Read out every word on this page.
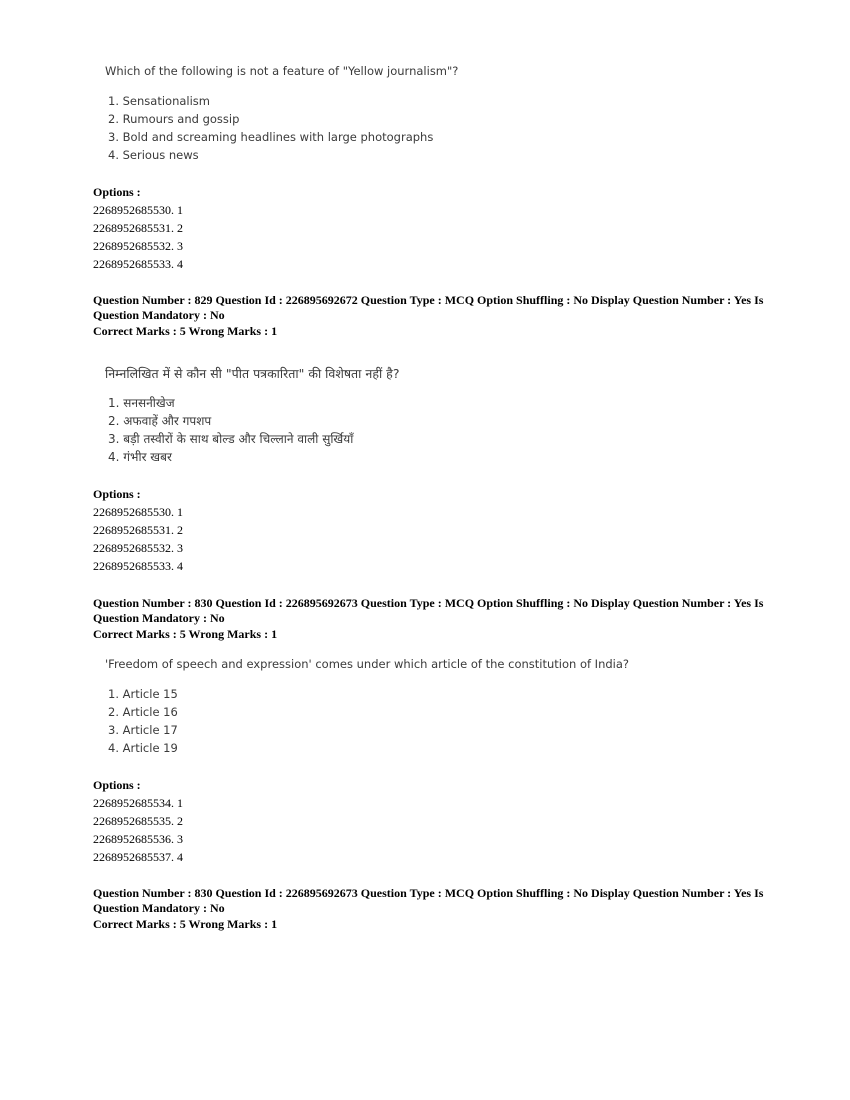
Which of the following is not a feature of "Yellow journalism"?
1. Sensationalism
2. Rumours and gossip
3. Bold and screaming headlines with large photographs
4. Serious news
Options :
2268952685530. 1
2268952685531. 2
2268952685532. 3
2268952685533. 4
Question Number : 829 Question Id : 226895692672 Question Type : MCQ Option Shuffling : No Display Question Number : Yes Is
Question Mandatory : No
Correct Marks : 5 Wrong Marks : 1
निम्नलिखित में से कौन सी "पीत पत्रकारिता" की विशेषता नहीं है?
1. सनसनीखेज
2. अफवाहें और गपशप
3. बड़ी तस्वीरों के साथ बोल्ड और चिल्लाने वाली सुर्खियाँ
4. गंभीर खबर
Options :
2268952685530. 1
2268952685531. 2
2268952685532. 3
2268952685533. 4
Question Number : 830 Question Id : 226895692673 Question Type : MCQ Option Shuffling : No Display Question Number : Yes Is
Question Mandatory : No
Correct Marks : 5 Wrong Marks : 1
'Freedom of speech and expression' comes under which article of the constitution of India?
1. Article 15
2. Article 16
3. Article 17
4. Article 19
Options :
2268952685534. 1
2268952685535. 2
2268952685536. 3
2268952685537. 4
Question Number : 830 Question Id : 226895692673 Question Type : MCQ Option Shuffling : No Display Question Number : Yes Is
Question Mandatory : No
Correct Marks : 5 Wrong Marks : 1
